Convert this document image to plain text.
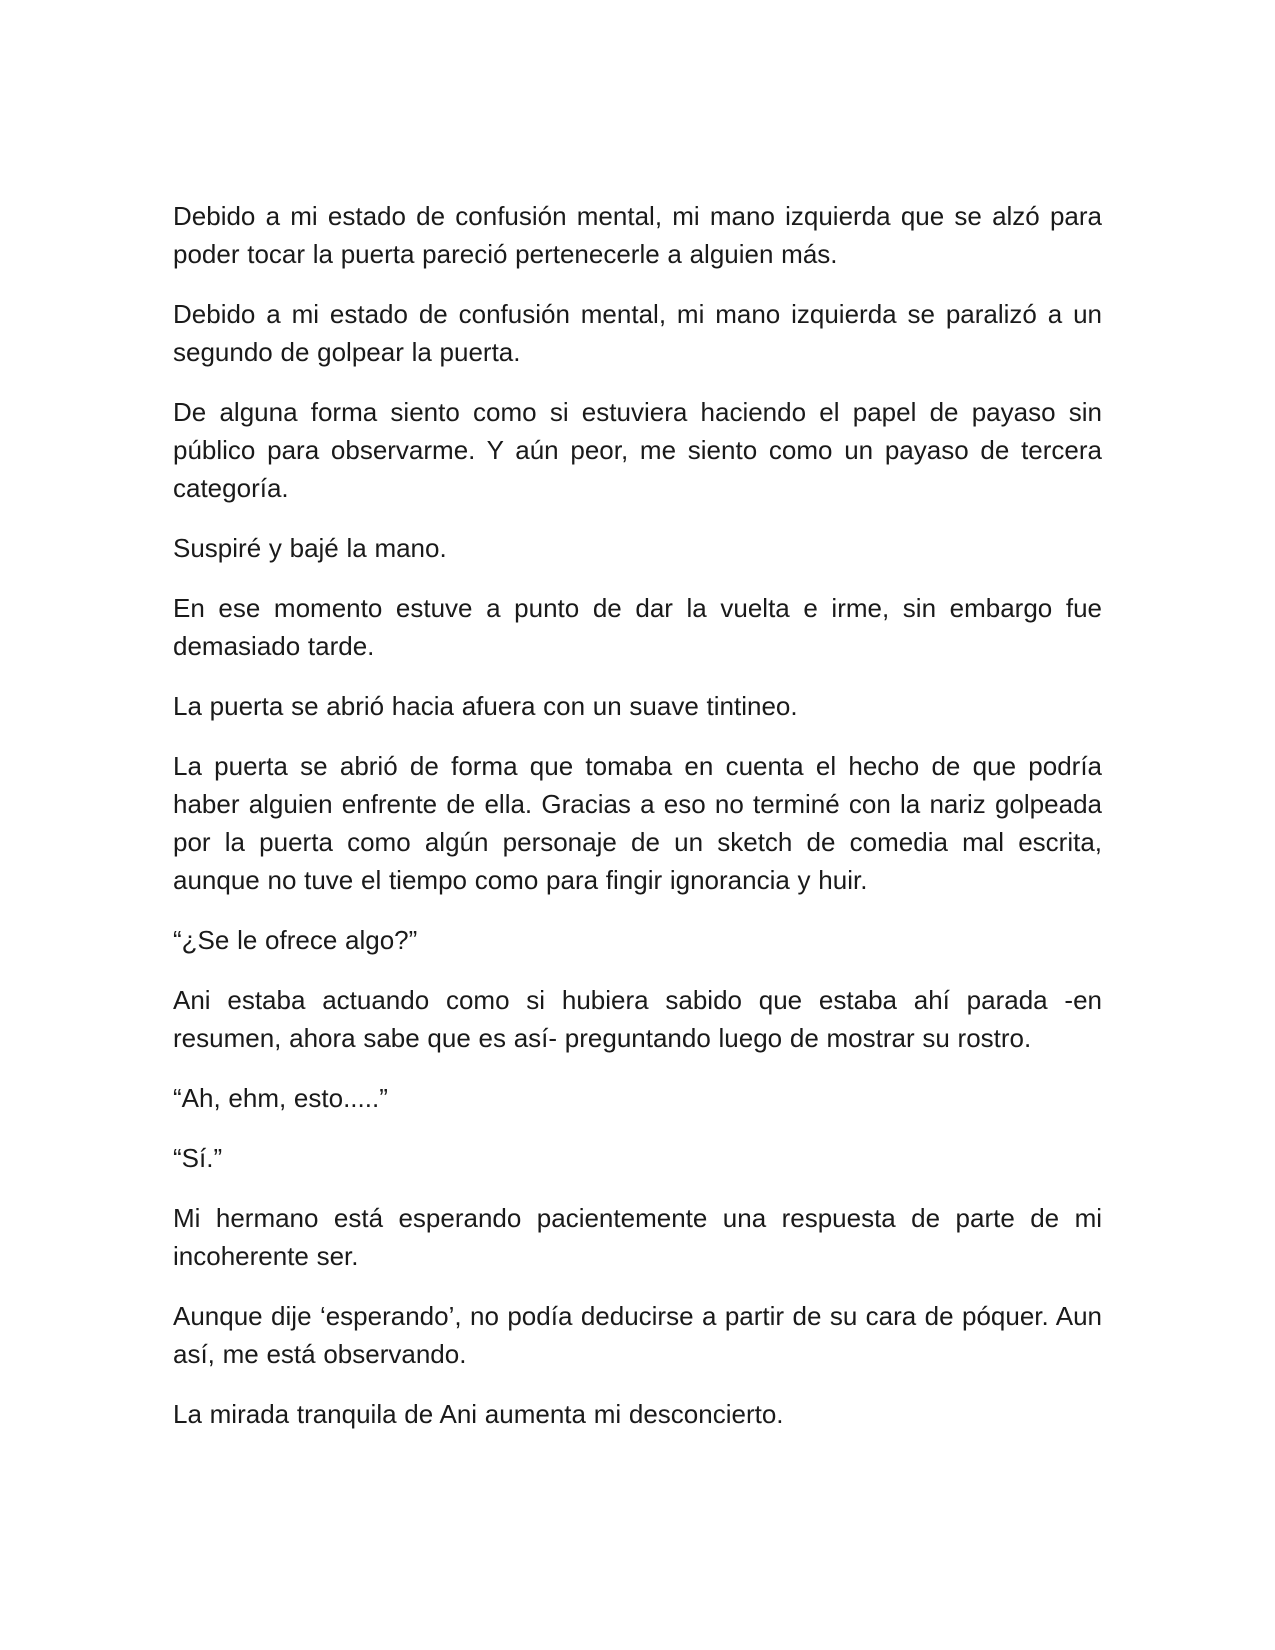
Debido a mi estado de confusión mental, mi mano izquierda que se alzó para poder tocar la puerta pareció pertenecerle a alguien más.

Debido a mi estado de confusión mental, mi mano izquierda se paralizó a un segundo de golpear la puerta.

De alguna forma siento como si estuviera haciendo el papel de payaso sin público para observarme. Y aún peor, me siento como un payaso de tercera categoría.

Suspiré y bajé la mano.

En ese momento estuve a punto de dar la vuelta e irme, sin embargo fue demasiado tarde.

La puerta se abrió hacia afuera con un suave tintineo.

La puerta se abrió de forma que tomaba en cuenta el hecho de que podría haber alguien enfrente de ella. Gracias a eso no terminé con la nariz golpeada por la puerta como algún personaje de un sketch de comedia mal escrita, aunque no tuve el tiempo como para fingir ignorancia y huir.

“¿Se le ofrece algo?”

Ani estaba actuando como si hubiera sabido que estaba ahí parada -en resumen, ahora sabe que es así- preguntando luego de mostrar su rostro.

“Ah, ehm, esto.....”

“Sí.”

Mi hermano está esperando pacientemente una respuesta de parte de mi incoherente ser.

Aunque dije ‘esperando’, no podía deducirse a partir de su cara de póquer. Aun así, me está observando.

La mirada tranquila de Ani aumenta mi desconcierto.
